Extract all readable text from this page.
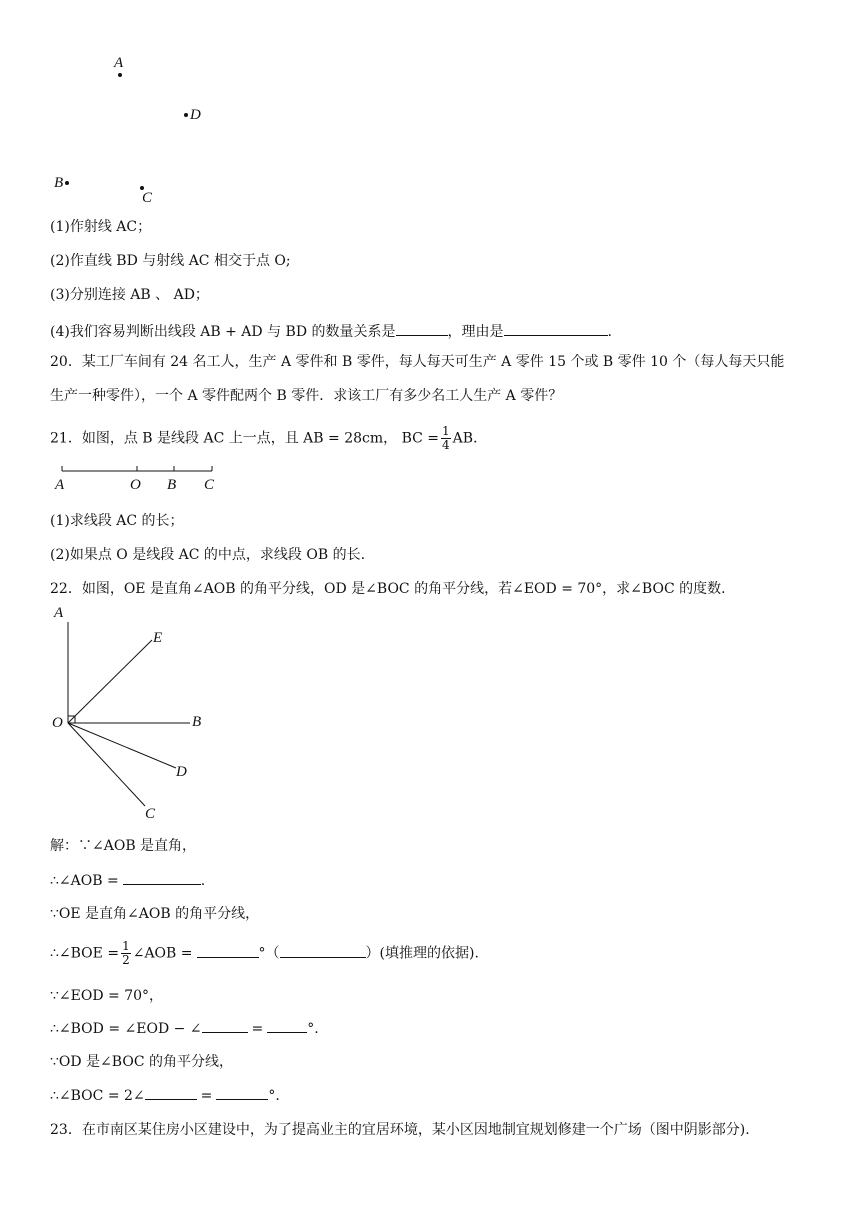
A
D
B
C
(1)作射线 AC；
(2)作直线 BD 与射线 AC 相交于点 O;
(3)分别连接 AB 、 AD；
(4)我们容易判断出线段 AB + AD 与 BD 的数量关系是	，理由是	.
20．某工厂车间有 24 名工人，生产 A 零件和 B 零件，每人每天可生产 A 零件 15 个或 B 零件 10 个（每人每天只能
生产一种零件），一个 A 零件配两个 B 零件．求该工厂有多少名工人生产 A 零件？
21．如图，点 B 是线段 AC 上一点，且 AB = 28cm， BC = $\frac{1}{4}$ AB．
A	O B C
(1)求线段 AC 的长；
(2)如果点 O 是线段 AC 的中点，求线段 OB 的长.
22．如图，OE 是直角∠AOB 的角平分线，OD 是∠BOC 的角平分线，若∠EOD = 70°，求∠BOC 的度数．
A
E
O	B
D
C
解：∵∠AOB 是直角，
∴∠AOB =	.
∵OE 是直角∠AOB 的角平分线，
∴∠BOE = $\frac{1}{2}$ ∠AOB =	°（	）(填推理的依据).
∵∠EOD = 70°，
∴∠BOD = ∠EOD − ∠	=	°.
∵OD 是∠BOC 的角平分线，
∴∠BOC = 2∠	=	°.
23．在市南区某住房小区建设中，为了提高业主的宜居环境，某小区因地制宜规划修建一个广场（图中阴影部分).
